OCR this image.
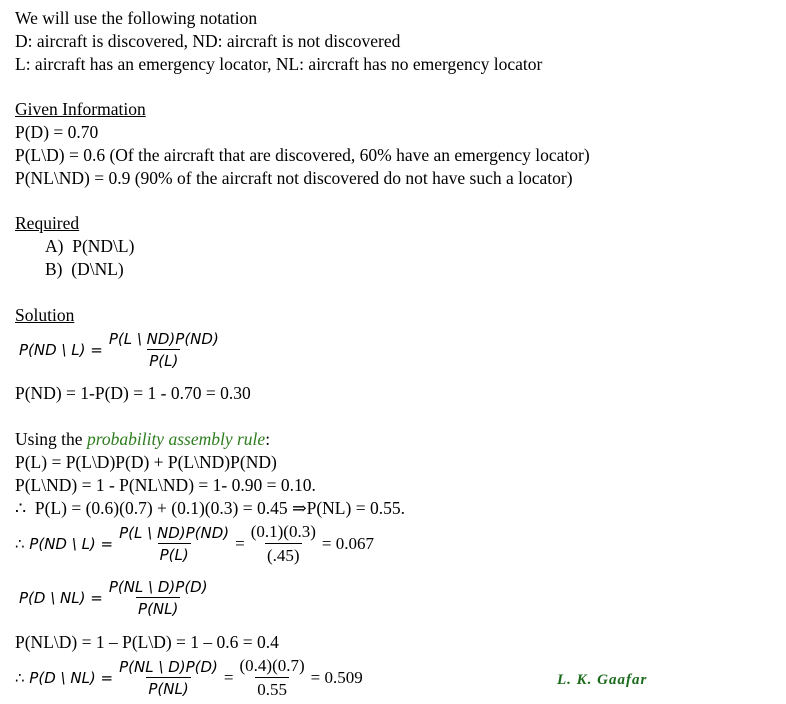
We will use the following notation
D: aircraft is discovered, ND: aircraft is not discovered
L: aircraft has an emergency locator, NL: aircraft has no emergency locator
Given Information
P(D) = 0.70
P(L\D) = 0.6 (Of the aircraft that are discovered, 60% have an emergency locator)
P(NL\ND) = 0.9 (90% of the aircraft not discovered do not have such a locator)
Required
A)  P(ND\L)
B)  (D\NL)
Solution
P(ND \ $L) = \frac{P(L \backslash ND)P(ND)}{P(L)}$
P(ND) = 1-P(D) = 1 - 0.70 = 0.30
Using the probability assembly rule:
P(L) = P(L\D)P(D) + P(L\ND)P(ND)
P(L\ND) = 1 - P(NL\ND) = 1- 0.90 = 0.10.
∴  P(L) = (0.6)(0.7) + (0.1)(0.3) = 0.45 ⇒P(NL) = 0.55.
∴ P(ND \ $L) = \frac{P(L \backslash ND)P(ND)}{P(L)} = \frac{(0.1)(0.3)}{(.45)} = 0.067$
P(D \ $NL) = \frac{P(NL \backslash D)P(D)}{P(NL)}$
P(NL\D) = 1 – P(L\D) = 1 – 0.6 = 0.4
∴ P(D \ $NL) = \frac{P(NL \backslash D)P(D)}{P(NL)} = \frac{(0.4)(0.7)}{0.55} = 0.509$	L. K. Gaafar
